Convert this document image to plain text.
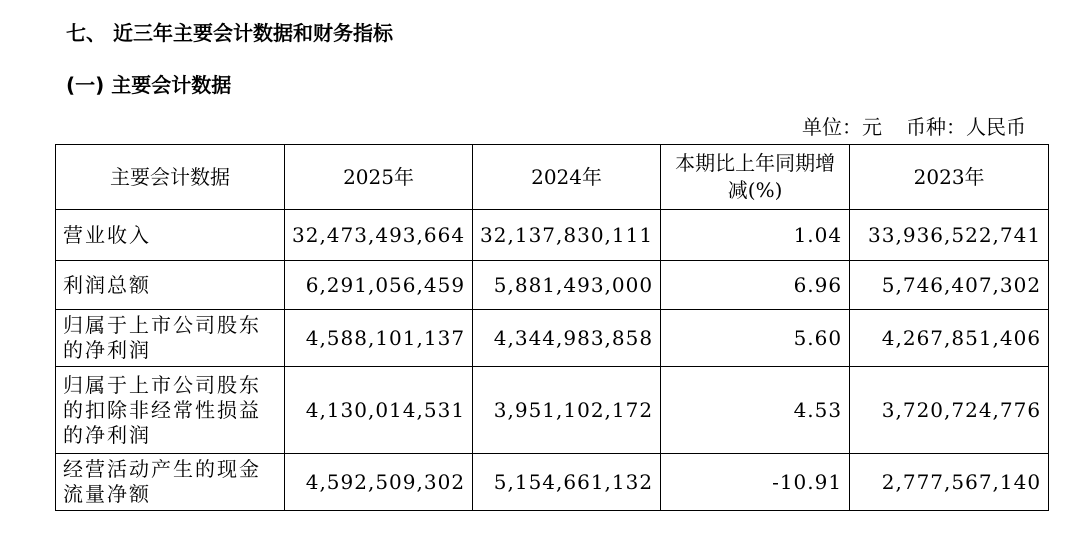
七、 近三年主要会计数据和财务指标
(一) 主要会计数据
单位：元 币种：人民币
主要会计数据	2025年	2024年	本期比上年同期增减(%)	2023年
营业收入	32,473,493,664	32,137,830,111	1.04	33,936,522,741
利润总额	6,291,056,459	5,881,493,000	6.96	5,746,407,302
归属于上市公司股东的净利润	4,588,101,137	4,344,983,858	5.60	4,267,851,406
归属于上市公司股东的扣除非经常性损益的净利润	4,130,014,531	3,951,102,172	4.53	3,720,724,776
经营活动产生的现金流量净额	4,592,509,302	5,154,661,132	-10.91	2,777,567,140
